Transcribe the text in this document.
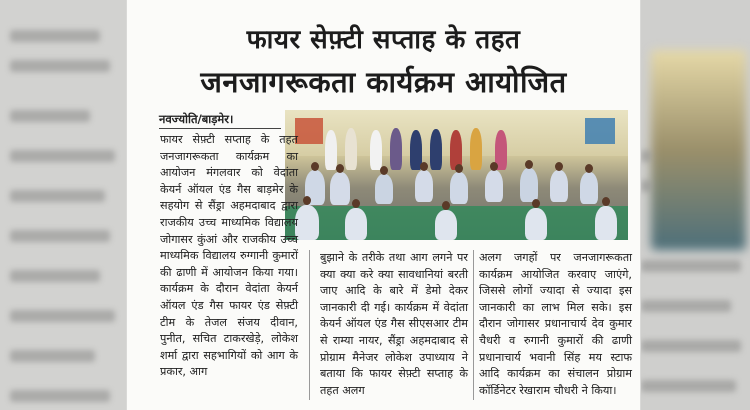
फायर सेफ़्टी सप्ताह के तहत
जनजागरूकता कार्यक्रम आयोजित
नवज्योति/बाड़मेर।

फायर सेफ़्टी सप्ताह के तहत जनजागरूकता कार्यक्रम का आयोजन मंगलवार को वेदांता केयर्न ऑयल एंड गैस बाड़मेर के सहयोग से सैंड्रा अहमदाबाद द्वारा राजकीय उच्च माध्यमिक विद्यालय जोगासर कुंआं और राजकीय उच्च माध्यमिक विद्यालय रुग्गानी कुमारों की ढाणी में आयोजन किया गया। कार्यक्रम के दौरान वेदांता केयर्न ऑयल एंड गैस फायर एंड सेफ़्टी टीम के तेजल संजय दीवान, पुनीत, सचित टाकरखेड़े, लोकेश शर्मा द्वारा सहभागियों को आग के प्रकार, आग

बुझाने के तरीके तथा आग लगने पर क्या क्या करे क्या सावधानियां बरती जाए आदि के बारे में डेमो देकर जानकारी दी गई। कार्यक्रम में वेदांता केयर्न ऑयल एंड गैस सीएसआर टीम से राम्या नायर, सैंड्रा अहमदाबाद से प्रोग्राम मैनेजर लोकेश उपाध्याय ने बताया कि फायर सेफ़्टी सप्ताह के तहत अलग

अलग जगहों पर जनजागरूकता कार्यक्रम आयोजित करवाए जाएंगे, जिससे लोगों ज्यादा से ज्यादा इस जानकारी का लाभ मिल सके। इस दौरान जोगासर प्रधानाचार्य देव कुमार चैधरी व रुगानी कुमारों की ढाणी प्रधानाचार्य भवानी सिंह मय स्टाफ आदि कार्यक्रम का संचालन प्रोग्राम कॉर्डिनेटर रेखाराम चौधरी ने किया।
